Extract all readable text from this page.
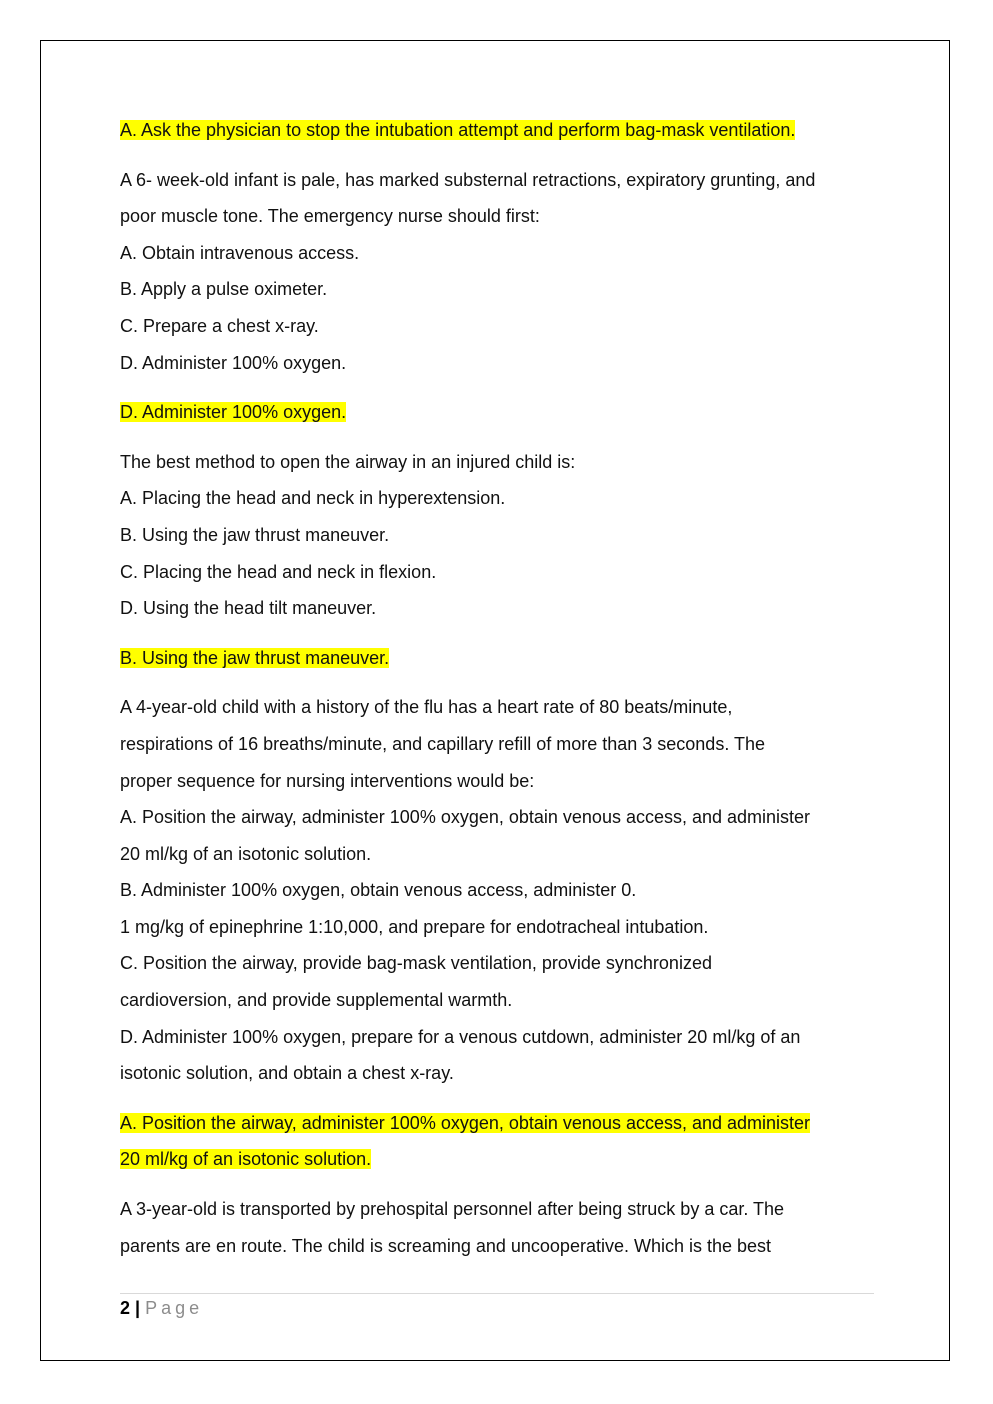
A. Ask the physician to stop the intubation attempt and perform bag-mask ventilation.
A 6- week-old infant is pale, has marked substernal retractions, expiratory grunting, and
poor muscle tone. The emergency nurse should first:
A. Obtain intravenous access.
B. Apply a pulse oximeter.
C. Prepare a chest x-ray.
D. Administer 100% oxygen.
D. Administer 100% oxygen.
The best method to open the airway in an injured child is:
A. Placing the head and neck in hyperextension.
B. Using the jaw thrust maneuver.
C. Placing the head and neck in flexion.
D. Using the head tilt maneuver.
B. Using the jaw thrust maneuver.
A 4-year-old child with a history of the flu has a heart rate of 80 beats/minute,
respirations of 16 breaths/minute, and capillary refill of more than 3 seconds. The
proper sequence for nursing interventions would be:
A. Position the airway, administer 100% oxygen, obtain venous access, and administer
20 ml/kg of an isotonic solution.
B. Administer 100% oxygen, obtain venous access, administer 0.
1 mg/kg of epinephrine 1:10,000, and prepare for endotracheal intubation.
C. Position the airway, provide bag-mask ventilation, provide synchronized
cardioversion, and provide supplemental warmth.
D. Administer 100% oxygen, prepare for a venous cutdown, administer 20 ml/kg of an
isotonic solution, and obtain a chest x-ray.
A. Position the airway, administer 100% oxygen, obtain venous access, and administer
20 ml/kg of an isotonic solution.
A 3-year-old is transported by prehospital personnel after being struck by a car. The
parents are en route. The child is screaming and uncooperative. Which is the best
2 | Page
